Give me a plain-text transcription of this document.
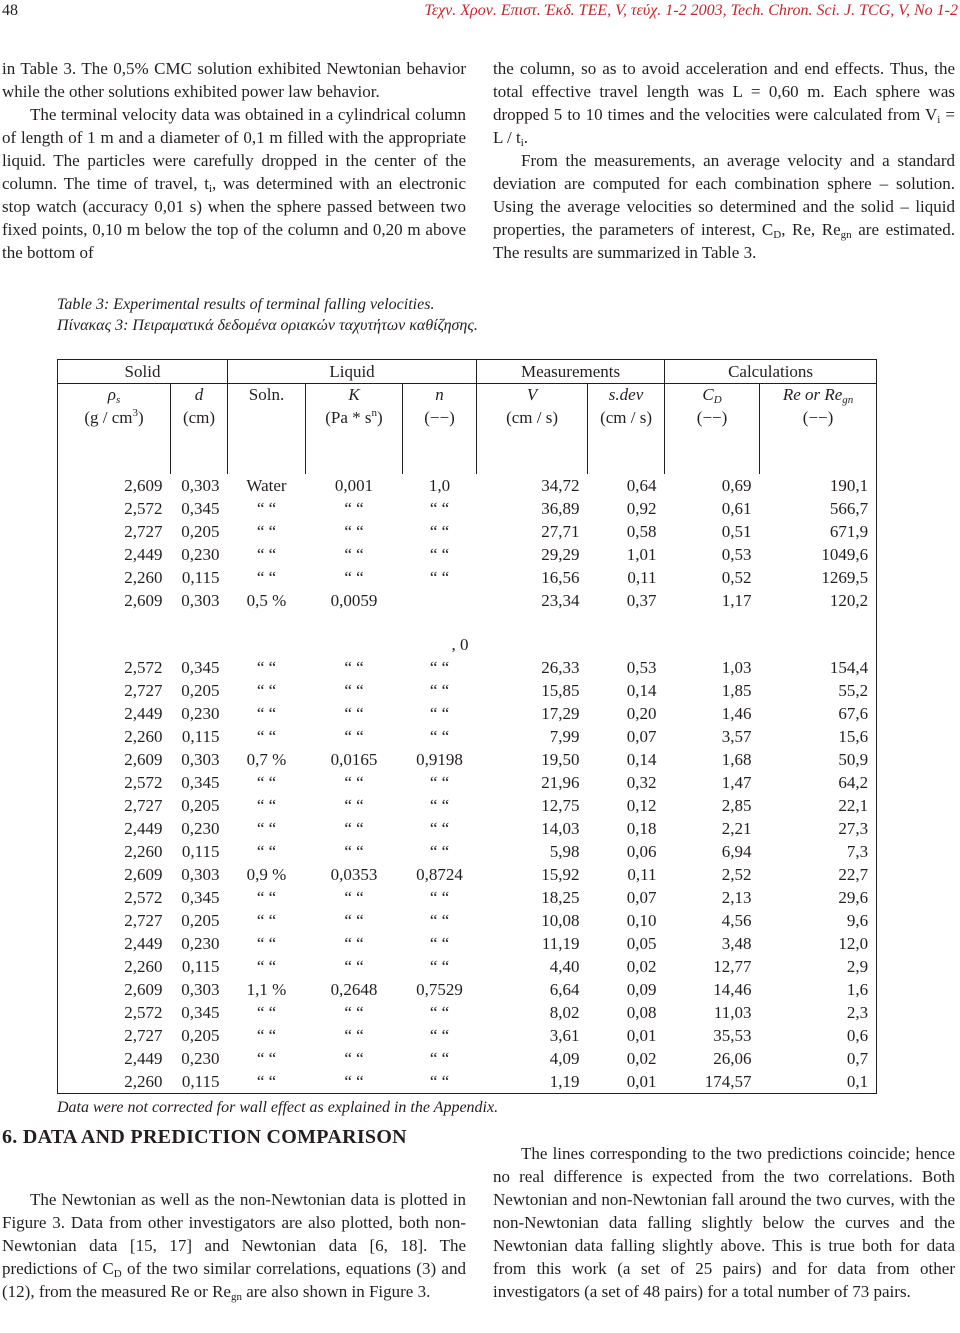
48	Τεχν. Χρον. Επιστ. Έκδ. ΤΕΕ, V, τεύχ. 1-2 2003, Tech. Chron. Sci. J. TCG, V, No 1-2

in Table 3. The 0,5% CMC solution exhibited Newtonian behavior while the other solutions exhibited power law behavior.

The terminal velocity data was obtained in a cylindrical column of length of 1 m and a diameter of 0,1 m filled with the appropriate liquid. The particles were carefully dropped in the center of the column. The time of travel, $t_i$, was determined with an electronic stop watch (accuracy 0,01 s) when the sphere passed between two fixed points, 0,10 m below the top of the column and 0,20 m above the bottom of

the column, so as to avoid acceleration and end effects. Thus, the total effective travel length was L = 0,60 m. Each sphere was dropped 5 to 10 times and the velocities were calculated from $V_i = L / t_i$.

From the measurements, an average velocity and a standard deviation are computed for each combination sphere – solution. Using the average velocities so determined and the solid – liquid properties, the parameters of interest, $C_D$, Re, $Re_{gn}$ are estimated. The results are summarized in Table 3.

Table 3: Experimental results of terminal falling velocities.
Πίνακας 3: Πειραματικά δεδομένα οριακών ταχυτήτων καθίζησης.
Solid		Liquid			Measurements		Calculations	
$\rho_s$	d	Soln.	K	n	V	s.dev	$C_D$	Re or $Re_{gn}$
$(g / cm^3)$	(cm)		$(Pa * s^n)$	(−−)	(cm / s)	(cm / s)	(−−)	(−−)

2,609	0,303	Water	0,001	1,0	34,72	0,64	0,69	190,1
2,572	0,345	“ “	“ “	“ “	36,89	0,92	0,61	566,7
2,727	0,205	“ “	“ “	“ “	27,71	0,58	0,51	671,9
2,449	0,230	“ “	“ “	“ “	29,29	1,01	0,53	1049,6
2,260	0,115	“ “	“ “	“ “	16,56	0,11	0,52	1269,5
2,609	0,303	0,5 %	0,0059		23,34	0,37	1,17	120,2
				, 0				
2,572	0,345	“ “	“ “	“ “	26,33	0,53	1,03	154,4
2,727	0,205	“ “	“ “	“ “	15,85	0,14	1,85	55,2
2,449	0,230	“ “	“ “	“ “	17,29	0,20	1,46	67,6
2,260	0,115	“ “	“ “	“ “	7,99	0,07	3,57	15,6
2,609	0,303	0,7 %	0,0165	0,9198	19,50	0,14	1,68	50,9
2,572	0,345	“ “	“ “	“ “	21,96	0,32	1,47	64,2
2,727	0,205	“ “	“ “	“ “	12,75	0,12	2,85	22,1
2,449	0,230	“ “	“ “	“ “	14,03	0,18	2,21	27,3
2,260	0,115	“ “	“ “	“ “	5,98	0,06	6,94	7,3
2,609	0,303	0,9 %	0,0353	0,8724	15,92	0,11	2,52	22,7
2,572	0,345	“ “	“ “	“ “	18,25	0,07	2,13	29,6
2,727	0,205	“ “	“ “	“ “	10,08	0,10	4,56	9,6
2,449	0,230	“ “	“ “	“ “	11,19	0,05	3,48	12,0
2,260	0,115	“ “	“ “	“ “	4,40	0,02	12,77	2,9
2,609	0,303	1,1 %	0,2648	0,7529	6,64	0,09	14,46	1,6
2,572	0,345	“ “	“ “	“ “	8,02	0,08	11,03	2,3
2,727	0,205	“ “	“ “	“ “	3,61	0,01	35,53	0,6
2,449	0,230	“ “	“ “	“ “	4,09	0,02	26,06	0,7
2,260	0,115	“ “	“ “	“ “	1,19	0,01	174,57	0,1
Data were not corrected for wall effect as explained in the Appendix.
6. DATA AND PREDICTION COMPARISON

The Newtonian as well as the non-Newtonian data is plotted in Figure 3. Data from other investigators are also plotted, both non-Newtonian data [15, 17] and Newtonian data [6, 18]. The predictions of $C_D$ of the two similar correlations, equations (3) and (12), from the measured Re or $Re_{gn}$ are also shown in Figure 3.

The lines corresponding to the two predictions coincide; hence no real difference is expected from the two correlations. Both Newtonian and non-Newtonian fall around the two curves, with the non-Newtonian data falling slightly below the curves and the Newtonian data falling slightly above. This is true both for data from this work (a set of 25 pairs) and for data from other investigators (a set of 48 pairs) for a total number of 73 pairs.
